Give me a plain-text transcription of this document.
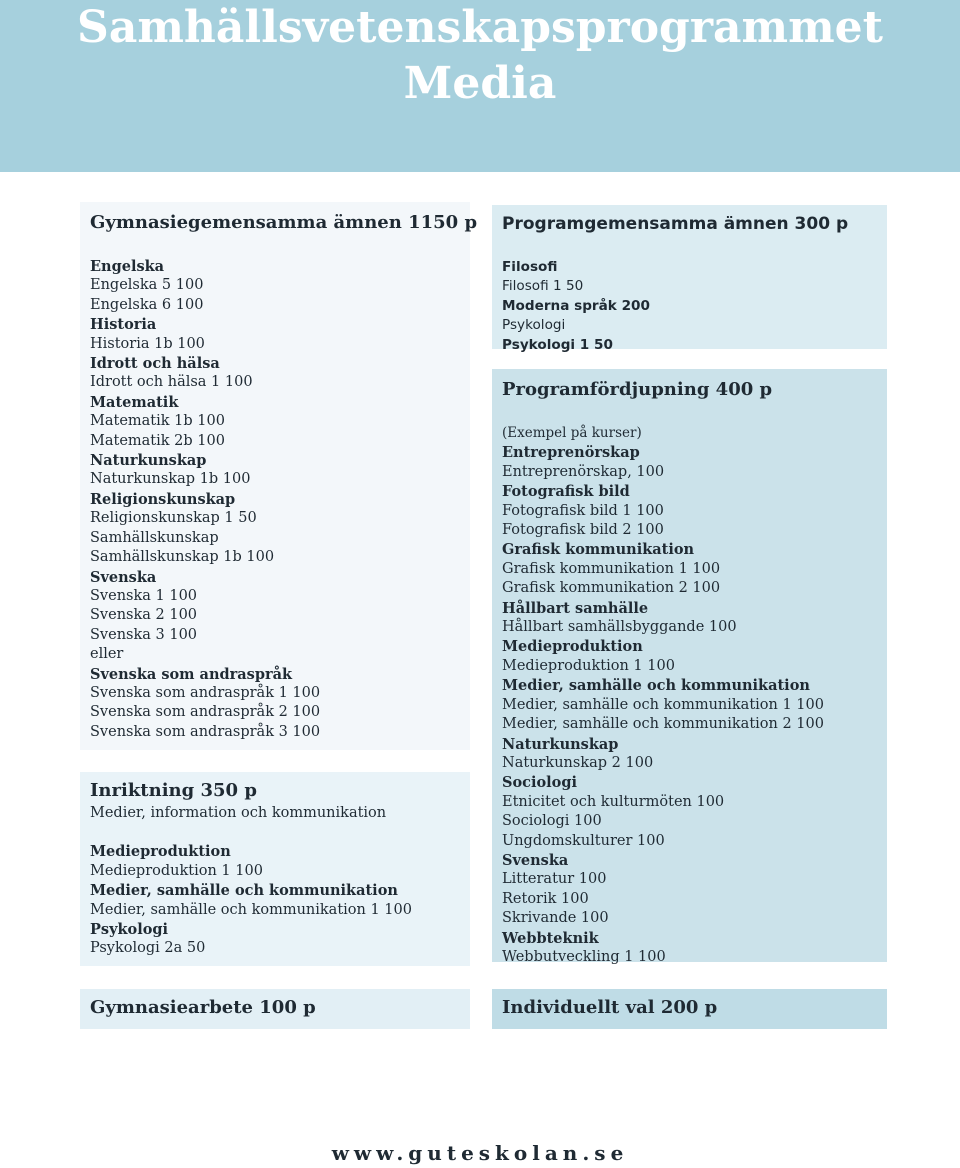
Samhällsvetenskapsprogrammet
Media
Gymnasiegemensamma ämnen 1150 p
Engelska
Engelska 5 100
Engelska 6 100
Historia
Historia 1b 100
Idrott och hälsa
Idrott och hälsa 1 100
Matematik
Matematik 1b 100
Matematik 2b 100
Naturkunskap
Naturkunskap 1b 100
Religionskunskap
Religionskunskap 1 50
Samhällskunskap
Samhällskunskap 1b 100
Svenska
Svenska 1 100
Svenska 2 100
Svenska 3 100
eller
Svenska som andraspråk
Svenska som andraspråk 1 100
Svenska som andraspråk 2 100
Svenska som andraspråk 3 100
Inriktning 350 p
Medier, information och kommunikation
Medieproduktion
Medieproduktion 1 100
Medier, samhälle och kommunikation
Medier, samhälle och kommunikation 1 100
Psykologi
Psykologi 2a 50
Gymnasiearbete 100 p
Programgemensamma ämnen 300 p
Filosofi
Filosofi 1 50
Moderna språk 200
Psykologi
Psykologi 1 50
Programfördjupning 400 p
(Exempel på kurser)
Entreprenörskap
Entreprenörskap, 100
Fotografisk bild
Fotografisk bild 1 100
Fotografisk bild 2 100
Grafisk kommunikation
Grafisk kommunikation 1 100
Grafisk kommunikation 2 100
Hållbart samhälle
Hållbart samhällsbyggande 100
Medieproduktion
Medieproduktion 1 100
Medier, samhälle och kommunikation
Medier, samhälle och kommunikation 1 100
Medier, samhälle och kommunikation 2 100
Naturkunskap
Naturkunskap 2 100
Sociologi
Etnicitet och kulturmöten 100
Sociologi 100
Ungdomskulturer 100
Svenska
Litteratur 100
Retorik 100
Skrivande 100
Webbteknik
Webbutveckling 1 100
Individuellt val 200 p
www.guteskolan.se
